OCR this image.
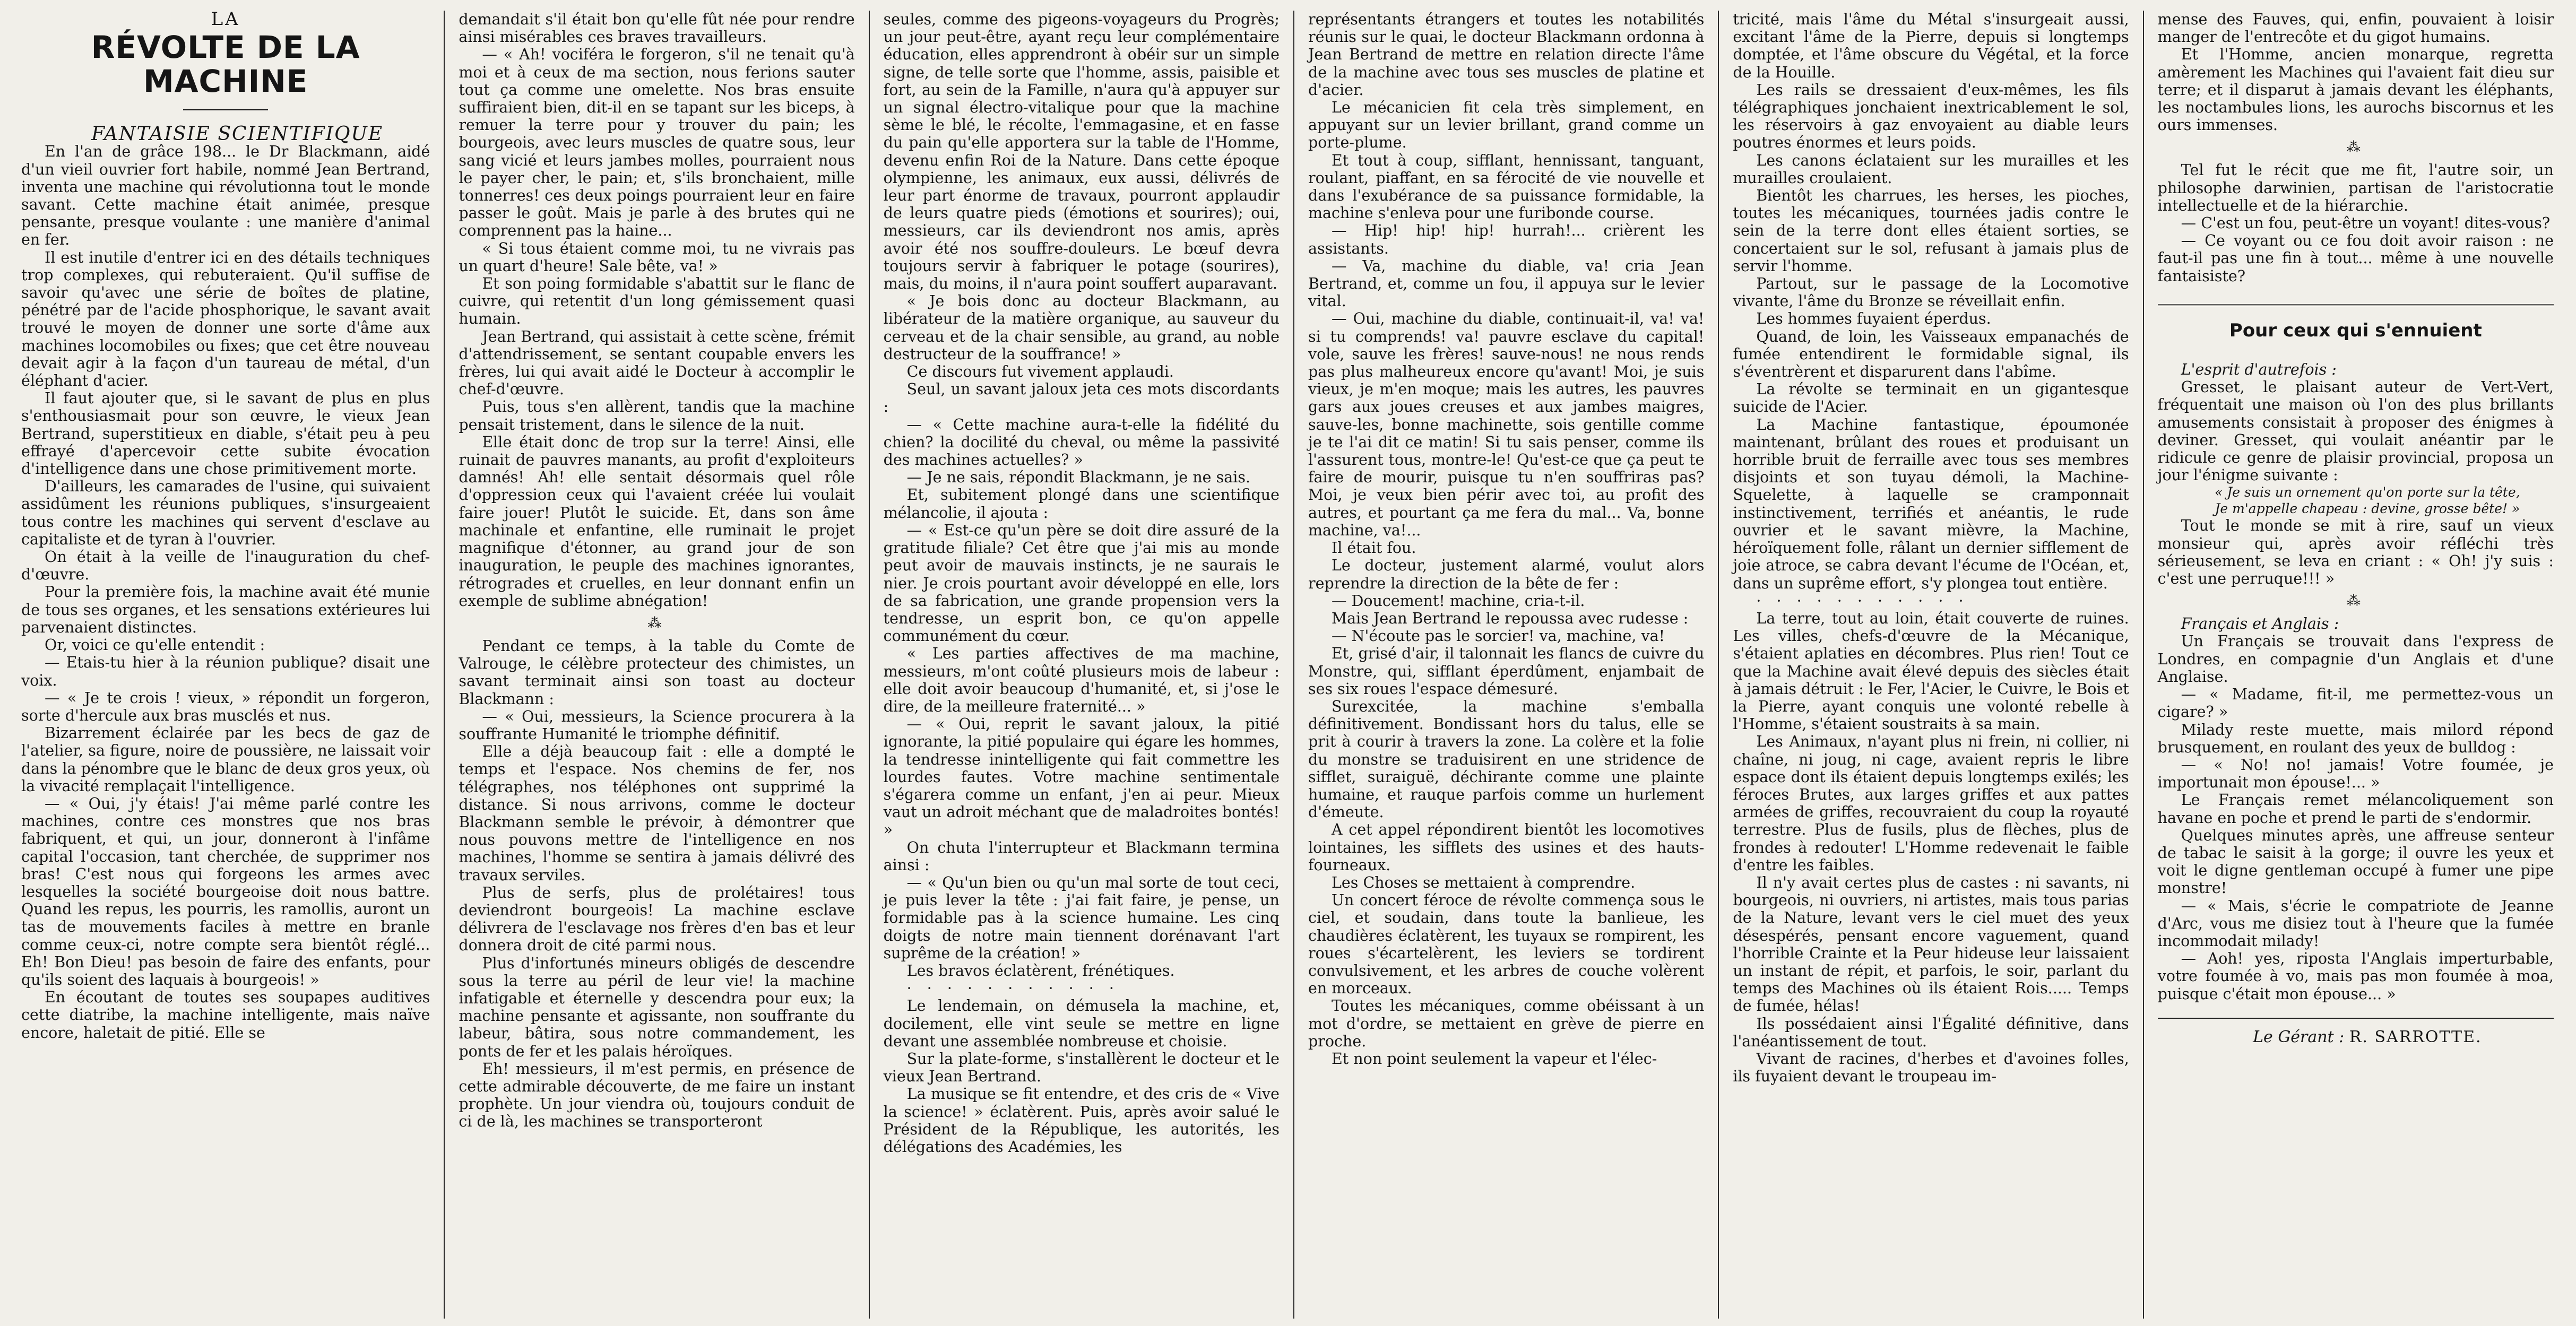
LA

RÉVOLTE DE LA MACHINE

FANTAISIE SCIENTIFIQUE

En l'an de grâce 198... le Dr Blackmann, aidé d'un vieil ouvrier fort habile, nommé Jean Bertrand, inventa une machine qui révolutionna tout le monde savant. Cette machine était animée, presque pensante, presque voulante : une manière d'animal en fer.

Il est inutile d'entrer ici en des détails techniques trop complexes, qui rebuteraient. Qu'il suffise de savoir qu'avec une série de boîtes de platine, pénétré par de l'acide phosphorique, le savant avait trouvé le moyen de donner une sorte d'âme aux machines locomobiles ou fixes; que cet être nouveau devait agir à la façon d'un taureau de métal, d'un éléphant d'acier.

Il faut ajouter que, si le savant de plus en plus s'enthousiasmait pour son œuvre, le vieux Jean Bertrand, superstitieux en diable, s'était peu à peu effrayé d'apercevoir cette subite évocation d'intelligence dans une chose primitivement morte.

D'ailleurs, les camarades de l'usine, qui suivaient assidûment les réunions publiques, s'insurgeaient tous contre les machines qui servent d'esclave au capitaliste et de tyran à l'ouvrier.

On était à la veille de l'inauguration du chef-d'œuvre.

Pour la première fois, la machine avait été munie de tous ses organes, et les sensations extérieures lui parvenaient distinctes.

Or, voici ce qu'elle entendit :

— Etais-tu hier à la réunion publique? disait une voix.

— « Je te crois ! vieux, » répondit un forgeron, sorte d'hercule aux bras musclés et nus.

Bizarrement éclairée par les becs de gaz de l'atelier, sa figure, noire de poussière, ne laissait voir dans la pénombre que le blanc de deux gros yeux, où la vivacité remplaçait l'intelligence.

— « Oui, j'y étais! J'ai même parlé contre les machines, contre ces monstres que nos bras fabriquent, et qui, un jour, donneront à l'infâme capital l'occasion, tant cherchée, de supprimer nos bras! C'est nous qui forgeons les armes avec lesquelles la société bourgeoise doit nous battre. Quand les repus, les pourris, les ramollis, auront un tas de mouvements faciles à mettre en branle comme ceux-ci, notre compte sera bientôt réglé... Eh! Bon Dieu! pas besoin de faire des enfants, pour qu'ils soient des laquais à bourgeois! »

En écoutant de toutes ses soupapes auditives cette diatribe, la machine intelligente, mais naïve encore, haletait de pitié. Elle se

demandait s'il était bon qu'elle fût née pour rendre ainsi misérables ces braves travailleurs.

— « Ah! vociféra le forgeron, s'il ne tenait qu'à moi et à ceux de ma section, nous ferions sauter tout ça comme une omelette. Nos bras ensuite suffiraient bien, dit-il en se tapant sur les biceps, à remuer la terre pour y trouver du pain; les bourgeois, avec leurs muscles de quatre sous, leur sang vicié et leurs jambes molles, pourraient nous le payer cher, le pain; et, s'ils bronchaient, mille tonnerres! ces deux poings pourraient leur en faire passer le goût. Mais je parle à des brutes qui ne comprennent pas la haine...

« Si tous étaient comme moi, tu ne vivrais pas un quart d'heure! Sale bête, va! »

Et son poing formidable s'abattit sur le flanc de cuivre, qui retentit d'un long gémissement quasi humain.

Jean Bertrand, qui assistait à cette scène, frémit d'attendrissement, se sentant coupable envers les frères, lui qui avait aidé le Docteur à accomplir le chef-d'œuvre.

Puis, tous s'en allèrent, tandis que la machine pensait tristement, dans le silence de la nuit.

Elle était donc de trop sur la terre! Ainsi, elle ruinait de pauvres manants, au profit d'exploiteurs damnés! Ah! elle sentait désormais quel rôle d'oppression ceux qui l'avaient créée lui voulait faire jouer! Plutôt le suicide. Et, dans son âme machinale et enfantine, elle ruminait le projet magnifique d'étonner, au grand jour de son inauguration, le peuple des machines ignorantes, rétrogrades et cruelles, en leur donnant enfin un exemple de sublime abnégation!

⁂

Pendant ce temps, à la table du Comte de Valrouge, le célèbre protecteur des chimistes, un savant terminait ainsi son toast au docteur Blackmann :

— « Oui, messieurs, la Science procurera à la souffrante Humanité le triomphe définitif.

Elle a déjà beaucoup fait : elle a dompté le temps et l'espace. Nos chemins de fer, nos télégraphes, nos téléphones ont supprimé la distance. Si nous arrivons, comme le docteur Blackmann semble le prévoir, à démontrer que nous pouvons mettre de l'intelligence en nos machines, l'homme se sentira à jamais délivré des travaux serviles.

Plus de serfs, plus de prolétaires! tous deviendront bourgeois! La machine esclave délivrera de l'esclavage nos frères d'en bas et leur donnera droit de cité parmi nous.

Plus d'infortunés mineurs obligés de descendre sous la terre au péril de leur vie! la machine infatigable et éternelle y descendra pour eux; la machine pensante et agissante, non souffrante du labeur, bâtira, sous notre commandement, les ponts de fer et les palais héroïques.

Eh! messieurs, il m'est permis, en présence de cette admirable découverte, de me faire un instant prophète. Un jour viendra où, toujours conduit de ci de là, les machines se transporteront

seules, comme des pigeons-voyageurs du Progrès; un jour peut-être, ayant reçu leur complémentaire éducation, elles apprendront à obéir sur un simple signe, de telle sorte que l'homme, assis, paisible et fort, au sein de la Famille, n'aura qu'à appuyer sur un signal électro-vitalique pour que la machine sème le blé, le récolte, l'emmagasine, et en fasse du pain qu'elle apportera sur la table de l'Homme, devenu enfin Roi de la Nature. Dans cette époque olympienne, les animaux, eux aussi, délivrés de leur part énorme de travaux, pourront applaudir de leurs quatre pieds (émotions et sourires); oui, messieurs, car ils deviendront nos amis, après avoir été nos souffre-douleurs. Le bœuf devra toujours servir à fabriquer le potage (sourires), mais, du moins, il n'aura point souffert auparavant.

« Je bois donc au docteur Blackmann, au libérateur de la matière organique, au sauveur du cerveau et de la chair sensible, au grand, au noble destructeur de la souffrance! »

Ce discours fut vivement applaudi.

Seul, un savant jaloux jeta ces mots discordants :

— « Cette machine aura-t-elle la fidélité du chien? la docilité du cheval, ou même la passivité des machines actuelles? »

— Je ne sais, répondit Blackmann, je ne sais.

Et, subitement plongé dans une scientifique mélancolie, il ajouta :

— « Est-ce qu'un père se doit dire assuré de la gratitude filiale? Cet être que j'ai mis au monde peut avoir de mauvais instincts, je ne saurais le nier. Je crois pourtant avoir développé en elle, lors de sa fabrication, une grande propension vers la tendresse, un esprit bon, ce qu'on appelle communément du cœur.

« Les parties affectives de ma machine, messieurs, m'ont coûté plusieurs mois de labeur : elle doit avoir beaucoup d'humanité, et, si j'ose le dire, de la meilleure fraternité... »

— « Oui, reprit le savant jaloux, la pitié ignorante, la pitié populaire qui égare les hommes, la tendresse inintelligente qui fait commettre les lourdes fautes. Votre machine sentimentale s'égarera comme un enfant, j'en ai peur. Mieux vaut un adroit méchant que de maladroites bontés! »

On chuta l'interrupteur et Blackmann termina ainsi :

— « Qu'un bien ou qu'un mal sorte de tout ceci, je puis lever la tête : j'ai fait faire, je pense, un formidable pas à la science humaine. Les cinq doigts de notre main tiennent dorénavant l'art suprême de la création! »

Les bravos éclatèrent, frénétiques.

· · · · · · · · · · ·

Le lendemain, on démusela la machine, et, docilement, elle vint seule se mettre en ligne devant une assemblée nombreuse et choisie.

Sur la plate-forme, s'installèrent le docteur et le vieux Jean Bertrand.

La musique se fit entendre, et des cris de « Vive la science! » éclatèrent. Puis, après avoir salué le Président de la République, les autorités, les délégations des Académies, les

représentants étrangers et toutes les notabilités réunis sur le quai, le docteur Blackmann ordonna à Jean Bertrand de mettre en relation directe l'âme de la machine avec tous ses muscles de platine et d'acier.

Le mécanicien fit cela très simplement, en appuyant sur un levier brillant, grand comme un porte-plume.

Et tout à coup, sifflant, hennissant, tanguant, roulant, piaffant, en sa férocité de vie nouvelle et dans l'exubérance de sa puissance formidable, la machine s'enleva pour une furibonde course.

— Hip! hip! hip! hurrah!... crièrent les assistants.

— Va, machine du diable, va! cria Jean Bertrand, et, comme un fou, il appuya sur le levier vital.

— Oui, machine du diable, continuait-il, va! va! si tu comprends! va! pauvre esclave du capital! vole, sauve les frères! sauve-nous! ne nous rends pas plus malheureux encore qu'avant! Moi, je suis vieux, je m'en moque; mais les autres, les pauvres gars aux joues creuses et aux jambes maigres, sauve-les, bonne machinette, sois gentille comme je te l'ai dit ce matin! Si tu sais penser, comme ils l'assurent tous, montre-le! Qu'est-ce que ça peut te faire de mourir, puisque tu n'en souffriras pas? Moi, je veux bien périr avec toi, au profit des autres, et pourtant ça me fera du mal... Va, bonne machine, va!...

Il était fou.

Le docteur, justement alarmé, voulut alors reprendre la direction de la bête de fer :

— Doucement! machine, cria-t-il.

Mais Jean Bertrand le repoussa avec rudesse :

— N'écoute pas le sorcier! va, machine, va!

Et, grisé d'air, il talonnait les flancs de cuivre du Monstre, qui, sifflant éperdûment, enjambait de ses six roues l'espace démesuré.

Surexcitée, la machine s'emballa définitivement. Bondissant hors du talus, elle se prit à courir à travers la zone. La colère et la folie du monstre se traduisirent en une stridence de sifflet, suraiguë, déchirante comme une plainte humaine, et rauque parfois comme un hurlement d'émeute.

A cet appel répondirent bientôt les locomotives lointaines, les sifflets des usines et des hauts-fourneaux.

Les Choses se mettaient à comprendre.

Un concert féroce de révolte commença sous le ciel, et soudain, dans toute la banlieue, les chaudières éclatèrent, les tuyaux se rompirent, les roues s'écartelèrent, les leviers se tordirent convulsivement, et les arbres de couche volèrent en morceaux.

Toutes les mécaniques, comme obéissant à un mot d'ordre, se mettaient en grève de pierre en proche.

Et non point seulement la vapeur et l'élec-

tricité, mais l'âme du Métal s'insurgeait aussi, excitant l'âme de la Pierre, depuis si longtemps domptée, et l'âme obscure du Végétal, et la force de la Houille.

Les rails se dressaient d'eux-mêmes, les fils télégraphiques jonchaient inextricablement le sol, les réservoirs à gaz envoyaient au diable leurs poutres énormes et leurs poids.

Les canons éclataient sur les murailles et les murailles croulaient.

Bientôt les charrues, les herses, les pioches, toutes les mécaniques, tournées jadis contre le sein de la terre dont elles étaient sorties, se concertaient sur le sol, refusant à jamais plus de servir l'homme.

Partout, sur le passage de la Locomotive vivante, l'âme du Bronze se réveillait enfin.

Les hommes fuyaient éperdus.

Quand, de loin, les Vaisseaux empanachés de fumée entendirent le formidable signal, ils s'éventrèrent et disparurent dans l'abîme.

La révolte se terminait en un gigantesque suicide de l'Acier.

La Machine fantastique, époumonée maintenant, brûlant des roues et produisant un horrible bruit de ferraille avec tous ses membres disjoints et son tuyau démoli, la Machine-Squelette, à laquelle se cramponnait instinctivement, terrifiés et anéantis, le rude ouvrier et le savant mièvre, la Machine, héroïquement folle, râlant un dernier sifflement de joie atroce, se cabra devant l'écume de l'Océan, et, dans un suprême effort, s'y plongea tout entière.

· · · · · · · · · · ·

La terre, tout au loin, était couverte de ruines. Les villes, chefs-d'œuvre de la Mécanique, s'étaient aplaties en décombres. Plus rien! Tout ce que la Machine avait élevé depuis des siècles était à jamais détruit : le Fer, l'Acier, le Cuivre, le Bois et la Pierre, ayant conquis une volonté rebelle à l'Homme, s'étaient soustraits à sa main.

Les Animaux, n'ayant plus ni frein, ni collier, ni chaîne, ni joug, ni cage, avaient repris le libre espace dont ils étaient depuis longtemps exilés; les féroces Brutes, aux larges griffes et aux pattes armées de griffes, recouvraient du coup la royauté terrestre. Plus de fusils, plus de flèches, plus de frondes à redouter! L'Homme redevenait le faible d'entre les faibles.

Il n'y avait certes plus de castes : ni savants, ni bourgeois, ni ouvriers, ni artistes, mais tous parias de la Nature, levant vers le ciel muet des yeux désespérés, pensant encore vaguement, quand l'horrible Crainte et la Peur hideuse leur laissaient un instant de répit, et parfois, le soir, parlant du temps des Machines où ils étaient Rois..... Temps de fumée, hélas!

Ils possédaient ainsi l'Égalité définitive, dans l'anéantissement de tout.

Vivant de racines, d'herbes et d'avoines folles, ils fuyaient devant le troupeau im-

mense des Fauves, qui, enfin, pouvaient à loisir manger de l'entrecôte et du gigot humains.

Et l'Homme, ancien monarque, regretta amèrement les Machines qui l'avaient fait dieu sur terre; et il disparut à jamais devant les éléphants, les noctambules lions, les aurochs biscornus et les ours immenses.

⁂

Tel fut le récit que me fit, l'autre soir, un philosophe darwinien, partisan de l'aristocratie intellectuelle et de la hiérarchie.

— C'est un fou, peut-être un voyant! dites-vous?

— Ce voyant ou ce fou doit avoir raison : ne faut-il pas une fin à tout... même à une nouvelle fantaisiste?

Pour ceux qui s'ennuient

L'esprit d'autrefois :

Gresset, le plaisant auteur de Vert-Vert, fréquentait une maison où l'on des plus brillants amusements consistait à proposer des énigmes à deviner. Gresset, qui voulait anéantir par le ridicule ce genre de plaisir provincial, proposa un jour l'énigme suivante :

« Je suis un ornement qu'on porte sur la tête,

Je m'appelle chapeau : devine, grosse bête! »

Tout le monde se mit à rire, sauf un vieux monsieur qui, après avoir réfléchi très sérieusement, se leva en criant : « Oh! j'y suis : c'est une perruque!!! »

⁂

Français et Anglais :

Un Français se trouvait dans l'express de Londres, en compagnie d'un Anglais et d'une Anglaise.

— « Madame, fit-il, me permettez-vous un cigare? »

Milady reste muette, mais milord répond brusquement, en roulant des yeux de bulldog :

— « No! no! jamais! Votre foumée, je importunait mon épouse!... »

Le Français remet mélancoliquement son havane en poche et prend le parti de s'endormir.

Quelques minutes après, une affreuse senteur de tabac le saisit à la gorge; il ouvre les yeux et voit le digne gentleman occupé à fumer une pipe monstre!

— « Mais, s'écrie le compatriote de Jeanne d'Arc, vous me disiez tout à l'heure que la fumée incommodait milady!

— Aoh! yes, riposta l'Anglais imperturbable, votre foumée à vo, mais pas mon foumée à moa, puisque c'était mon épouse... »

Le Gérant : R. SARROTTE.
